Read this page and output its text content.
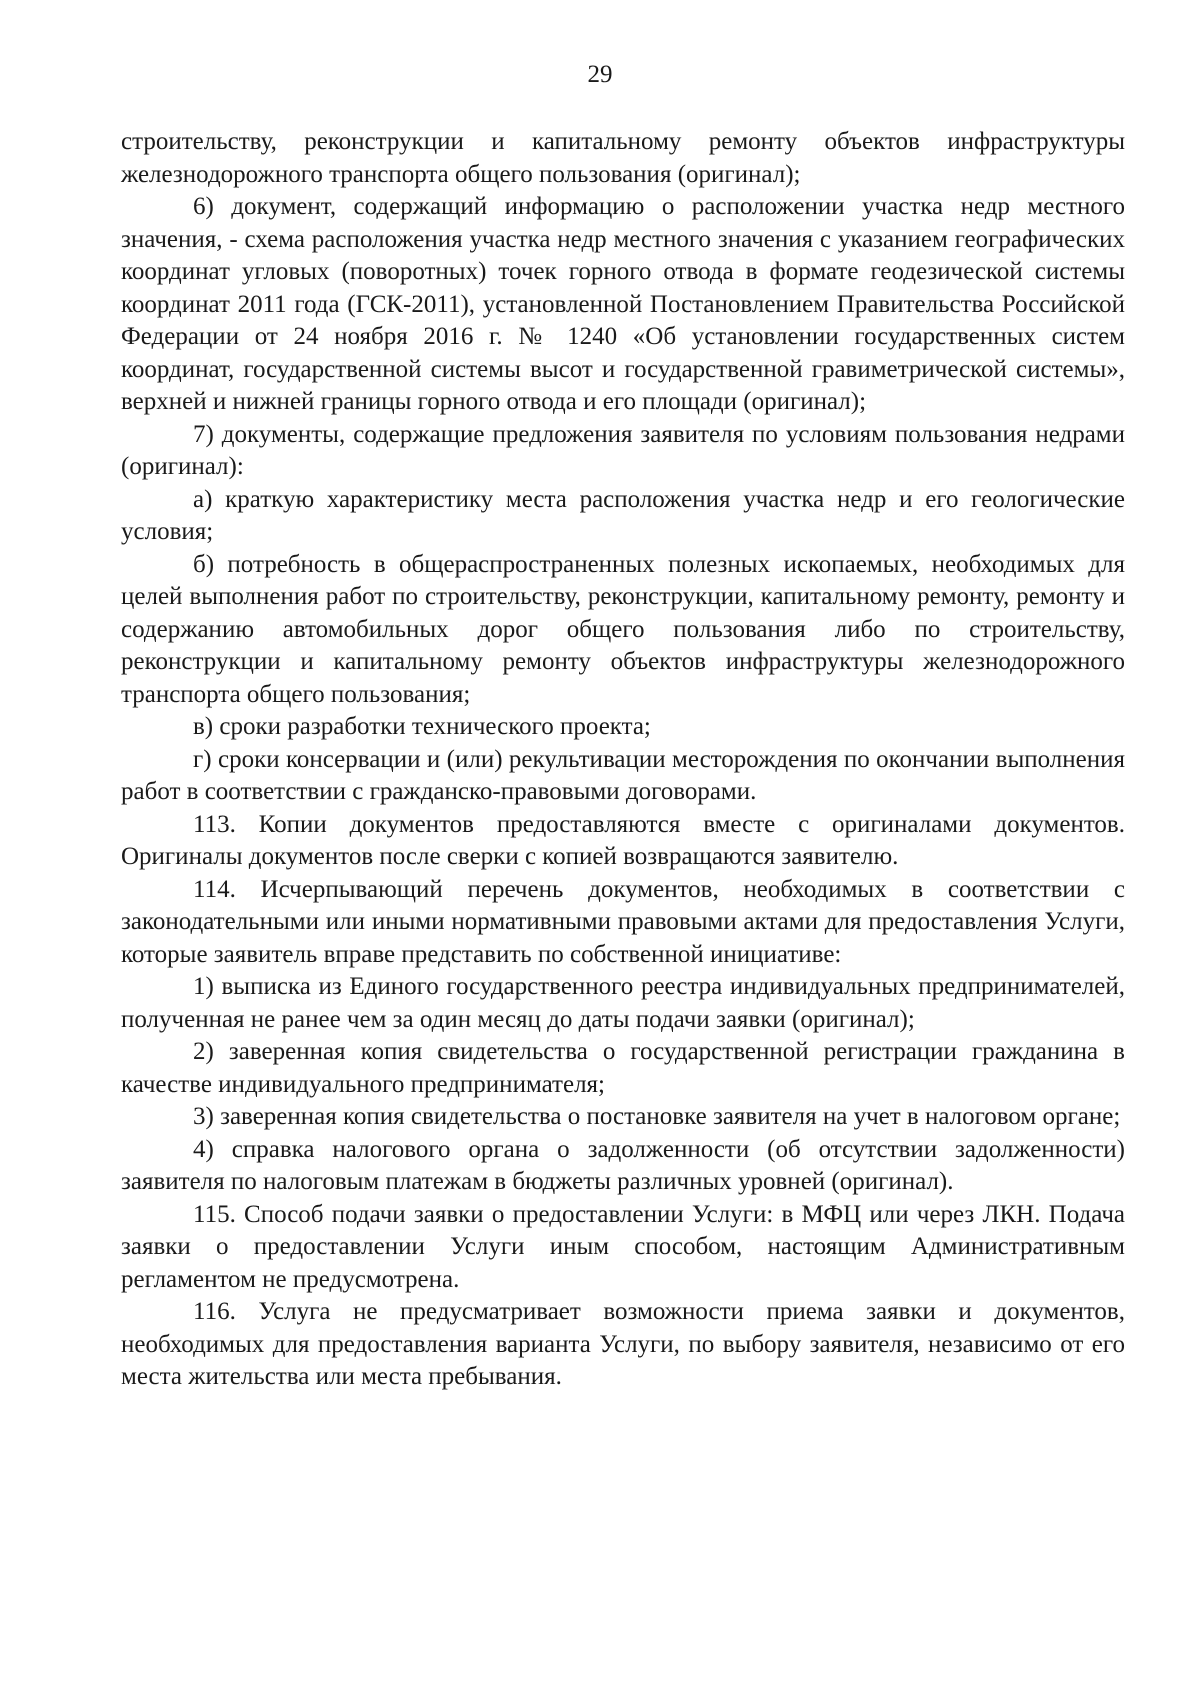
29

строительству, реконструкции и капитальному ремонту объектов инфраструктуры железнодорожного транспорта общего пользования (оригинал);

6) документ, содержащий информацию о расположении участка недр местного значения, - схема расположения участка недр местного значения с указанием географических координат угловых (поворотных) точек горного отвода в формате геодезической системы координат 2011 года (ГСК-2011), установленной Постановлением Правительства Российской Федерации от 24 ноября 2016 г. № 1240 «Об установлении государственных систем координат, государственной системы высот и государственной гравиметрической системы», верхней и нижней границы горного отвода и его площади (оригинал);

7) документы, содержащие предложения заявителя по условиям пользования недрами (оригинал):

а) краткую характеристику места расположения участка недр и его геологические условия;

б) потребность в общераспространенных полезных ископаемых, необходимых для целей выполнения работ по строительству, реконструкции, капитальному ремонту, ремонту и содержанию автомобильных дорог общего пользования либо по строительству, реконструкции и капитальному ремонту объектов инфраструктуры железнодорожного транспорта общего пользования;

в) сроки разработки технического проекта;

г) сроки консервации и (или) рекультивации месторождения по окончании выполнения работ в соответствии с гражданско-правовыми договорами.

113. Копии документов предоставляются вместе с оригиналами документов. Оригиналы документов после сверки с копией возвращаются заявителю.

114. Исчерпывающий перечень документов, необходимых в соответствии с законодательными или иными нормативными правовыми актами для предоставления Услуги, которые заявитель вправе представить по собственной инициативе:

1) выписка из Единого государственного реестра индивидуальных предпринимателей, полученная не ранее чем за один месяц до даты подачи заявки (оригинал);

2) заверенная копия свидетельства о государственной регистрации гражданина в качестве индивидуального предпринимателя;

3) заверенная копия свидетельства о постановке заявителя на учет в налоговом органе;

4) справка налогового органа о задолженности (об отсутствии задолженности) заявителя по налоговым платежам в бюджеты различных уровней (оригинал).

115. Способ подачи заявки о предоставлении Услуги: в МФЦ или через ЛКН. Подача заявки о предоставлении Услуги иным способом, настоящим Административным регламентом не предусмотрена.

116. Услуга не предусматривает возможности приема заявки и документов, необходимых для предоставления варианта Услуги, по выбору заявителя, независимо от его места жительства или места пребывания.
